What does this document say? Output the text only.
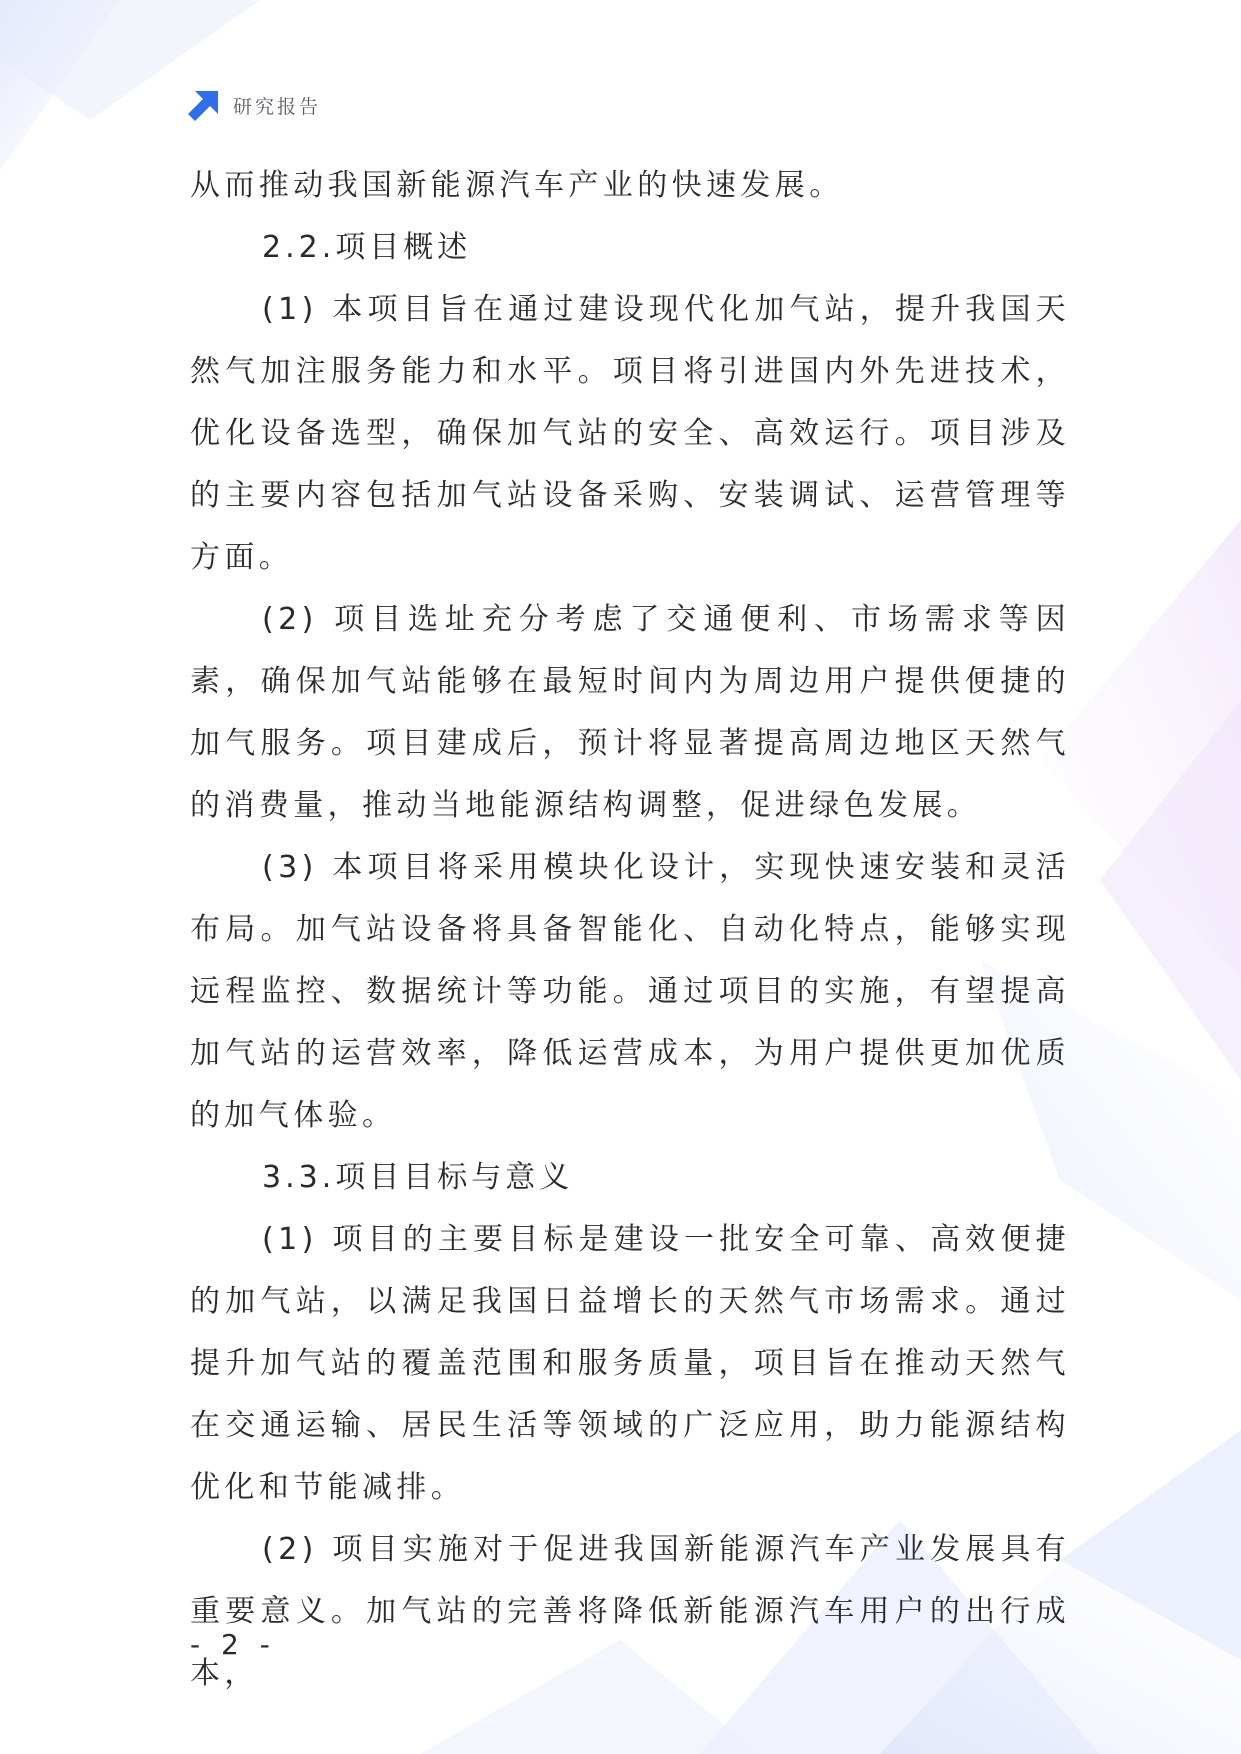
研究报告

从而推动我国新能源汽车产业的快速发展。

2.2.项目概述

(1) 本项目旨在通过建设现代化加气站，提升我国天然气加注服务能力和水平。项目将引进国内外先进技术，优化设备选型，确保加气站的安全、高效运行。项目涉及的主要内容包括加气站设备采购、安装调试、运营管理等方面。

(2) 项目选址充分考虑了交通便利、市场需求等因素，确保加气站能够在最短时间内为周边用户提供便捷的加气服务。项目建成后，预计将显著提高周边地区天然气的消费量，推动当地能源结构调整，促进绿色发展。

(3) 本项目将采用模块化设计，实现快速安装和灵活布局。加气站设备将具备智能化、自动化特点，能够实现远程监控、数据统计等功能。通过项目的实施，有望提高加气站的运营效率，降低运营成本，为用户提供更加优质的加气体验。

3.3.项目目标与意义

(1) 项目的主要目标是建设一批安全可靠、高效便捷的加气站，以满足我国日益增长的天然气市场需求。通过提升加气站的覆盖范围和服务质量，项目旨在推动天然气在交通运输、居民生活等领域的广泛应用，助力能源结构优化和节能减排。

(2) 项目实施对于促进我国新能源汽车产业发展具有重要意义。加气站的完善将降低新能源汽车用户的出行成本，

- 2 -
